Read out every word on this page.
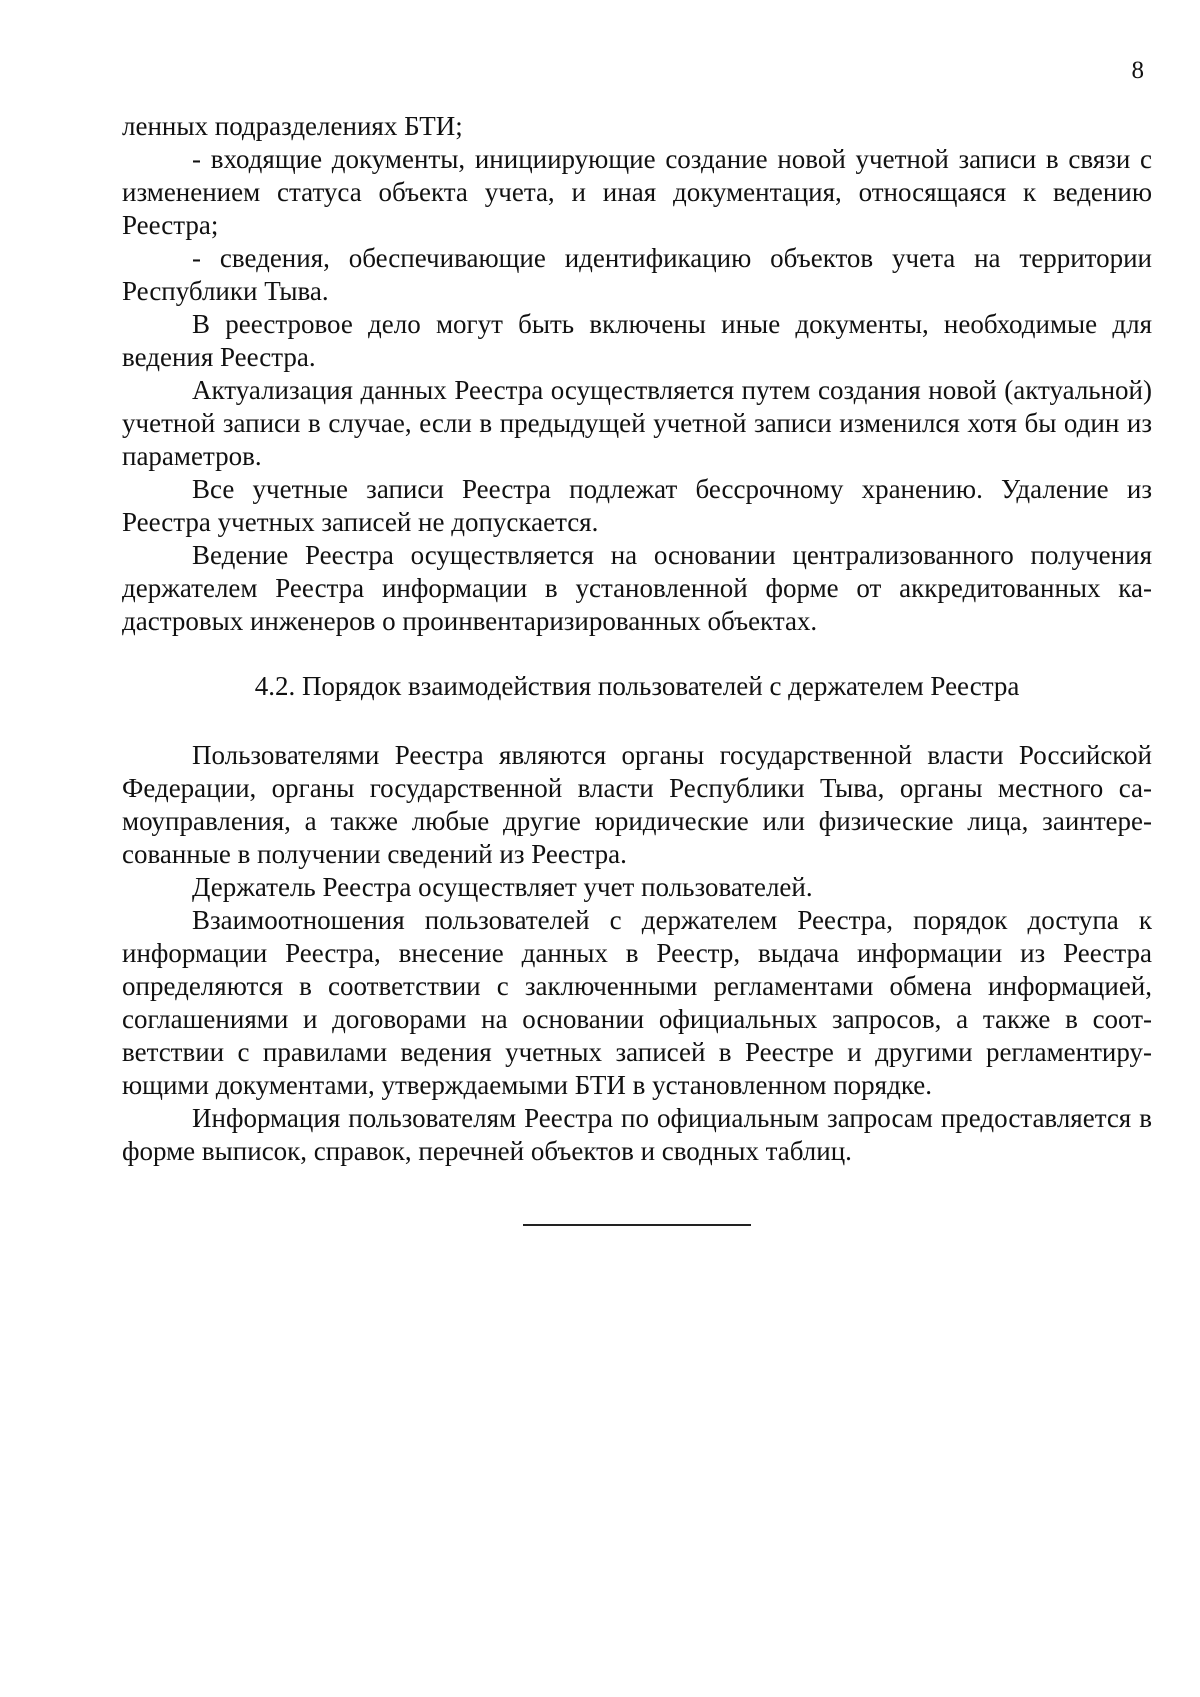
8

ленных подразделениях БТИ;

- входящие документы, инициирующие создание новой учетной записи в связи с изменением статуса объекта учета, и иная документация, относящаяся к ведению Реестра;

- сведения, обеспечивающие идентификацию объектов учета на территории Республики Тыва.

В реестровое дело могут быть включены иные документы, необходимые для ведения Реестра.

Актуализация данных Реестра осуществляется путем создания новой (актуальной) учетной записи в случае, если в предыдущей учетной записи изменился хотя бы один из параметров.

Все учетные записи Реестра подлежат бессрочному хранению. Удаление из Реестра учетных записей не допускается.

Ведение Реестра осуществляется на основании централизованного получения держателем Реестра информации в установленной форме от аккредитованных кадастровых инженеров о проинвентаризированных объектах.

4.2. Порядок взаимодействия пользователей с держателем Реестра

Пользователями Реестра являются органы государственной власти Российской Федерации, органы государственной власти Республики Тыва, органы местного самоуправления, а также любые другие юридические или физические лица, заинтересованные в получении сведений из Реестра.

Держатель Реестра осуществляет учет пользователей.

Взаимоотношения пользователей с держателем Реестра, порядок доступа к информации Реестра, внесение данных в Реестр, выдача информации из Реестра определяются в соответствии с заключенными регламентами обмена информацией, соглашениями и договорами на основании официальных запросов, а также в соответствии с правилами ведения учетных записей в Реестре и другими регламентирующими документами, утверждаемыми БТИ в установленном порядке.

Информация пользователям Реестра по официальным запросам предоставляется в форме выписок, справок, перечней объектов и сводных таблиц.
